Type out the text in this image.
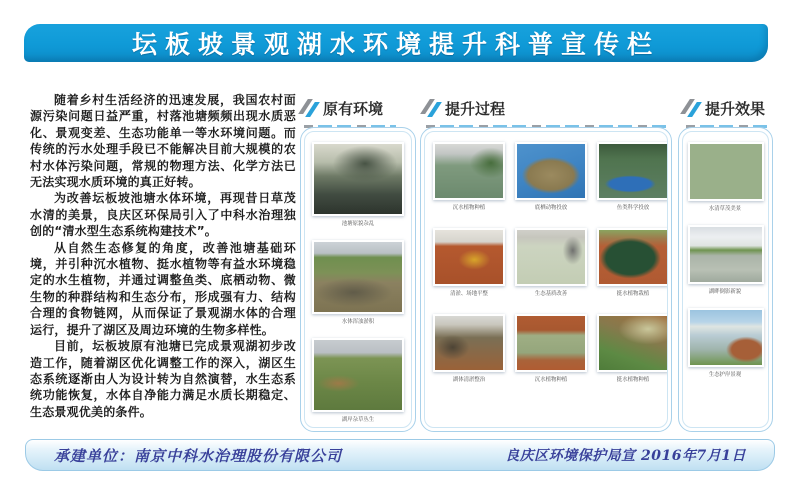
坛板坡景观湖水环境提升科普宣传栏

随着乡村生活经济的迅速发展，我国农村面源污染问题日益严重，村落池塘频频出现水质恶化、景观变差、生态功能单一等水环境问题。而传统的污水处理手段已不能解决目前大规模的农村水体污染问题，常规的物理方法、化学方法已无法实现水质环境的真正好转。

为改善坛板坡池塘水体环境，再现昔日草茂水清的美景，良庆区环保局引入了中科水治理独创的“清水型生态系统构建技术”。

从自然生态修复的角度，改善池塘基础环境，并引种沉水植物、挺水植物等有益水环境稳定的水生植物，并通过调整鱼类、底栖动物、微生物的种群结构和生态分布，形成强有力、结构合理的食物链网，从而保证了景观湖水体的合理运行，提升了湖区及周边环境的生物多样性。

目前，坛板坡原有池塘已完成景观湖初步改造工作，随着湖区优化调整工作的深入，湖区生态系统逐渐由人为设计转为自然演替，水生态系统功能恢复，水体自净能力满足水质长期稳定、生态景观优美的条件。

原有环境	提升过程	提升效果
池塘原貌杂乱
水体浑浊淤积
湖岸杂草丛生
沉水植物种植	底栖动物投放	鱼类科学投放
清淤、场地平整	生态基质改善	挺水植物栽植
湖体清淤整治	沉水植物种植	挺水植物种植
水清草茂美景
湖畔倒影新貌
生态护岸景观
承建单位：南京中科水治理股份有限公司	良庆区环境保护局宣 2016年7月1日
